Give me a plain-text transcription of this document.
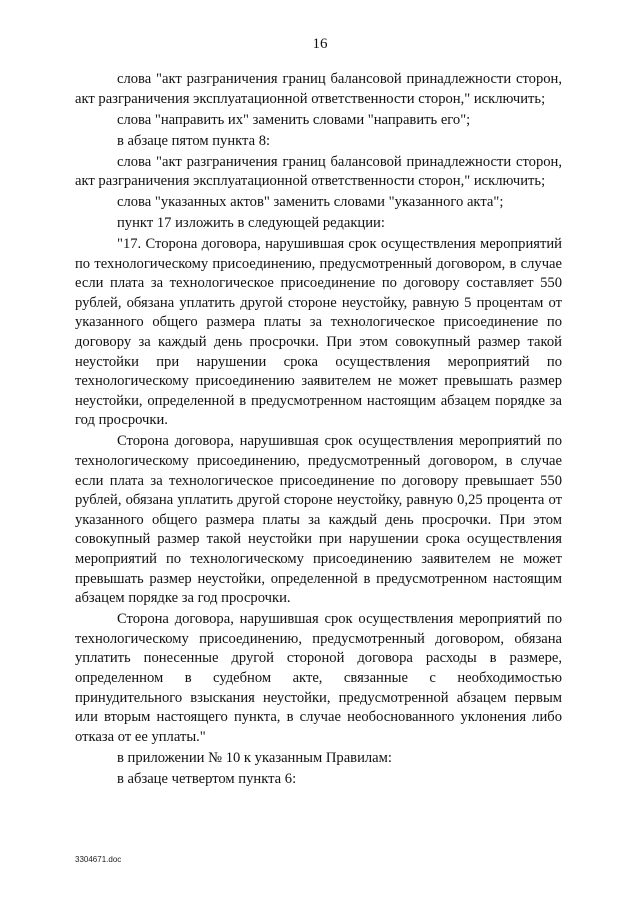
16

слова "акт разграничения границ балансовой принадлежности сторон, акт разграничения эксплуатационной ответственности сторон," исключить;

слова "направить их" заменить словами "направить его";

в абзаце пятом пункта 8:

слова "акт разграничения границ балансовой принадлежности сторон, акт разграничения эксплуатационной ответственности сторон," исключить;

слова "указанных актов" заменить словами "указанного акта";

пункт 17 изложить в следующей редакции:

"17. Сторона договора, нарушившая срок осуществления мероприятий по технологическому присоединению, предусмотренный договором, в случае если плата за технологическое присоединение по договору составляет 550 рублей, обязана уплатить другой стороне неустойку, равную 5 процентам от указанного общего размера платы за технологическое присоединение по договору за каждый день просрочки. При этом совокупный размер такой неустойки при нарушении срока осуществления мероприятий по технологическому присоединению заявителем не может превышать размер неустойки, определенной в предусмотренном настоящим абзацем порядке за год просрочки.

Сторона договора, нарушившая срок осуществления мероприятий по технологическому присоединению, предусмотренный договором, в случае если плата за технологическое присоединение по договору превышает 550 рублей, обязана уплатить другой стороне неустойку, равную 0,25 процента от указанного общего размера платы за каждый день просрочки. При этом совокупный размер такой неустойки при нарушении срока осуществления мероприятий по технологическому присоединению заявителем не может превышать размер неустойки, определенной в предусмотренном настоящим абзацем порядке за год просрочки.

Сторона договора, нарушившая срок осуществления мероприятий по технологическому присоединению, предусмотренный договором, обязана уплатить понесенные другой стороной договора расходы в размере, определенном в судебном акте, связанные с необходимостью принудительного взыскания неустойки, предусмотренной абзацем первым или вторым настоящего пункта, в случае необоснованного уклонения либо отказа от ее уплаты."

в приложении № 10 к указанным Правилам:

в абзаце четвертом пункта 6:

3304671.doc
